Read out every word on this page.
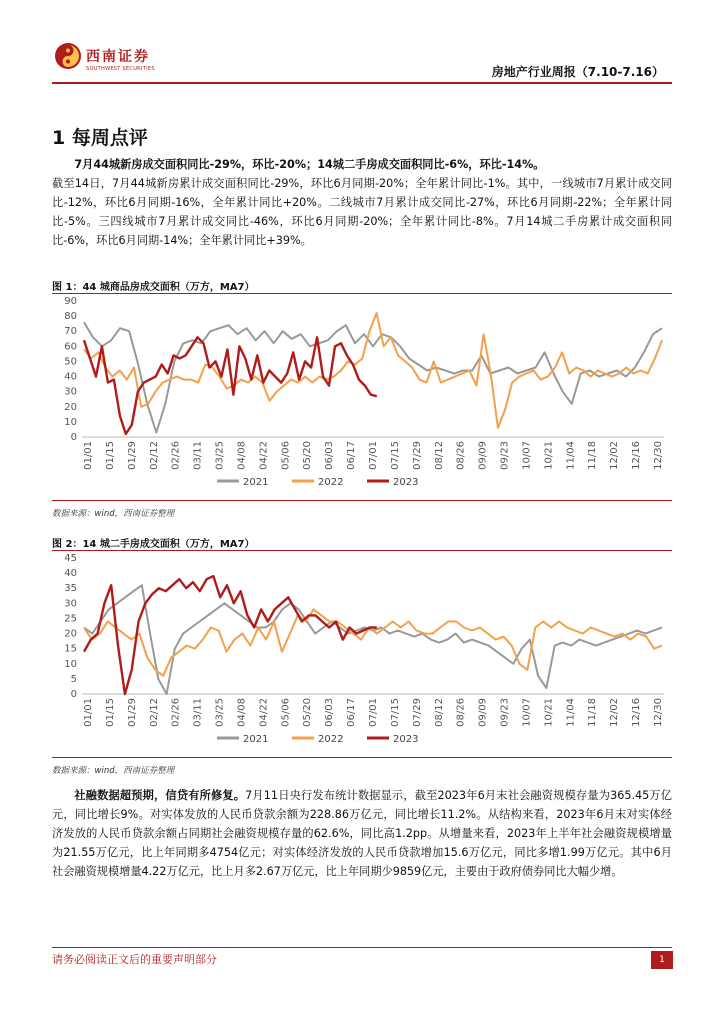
西南证券
SOUTHWEST SECURITIES	房地产行业周报（7.10-7.16）
1 每周点评

7月44城新房成交面积同比-29%，环比-20%；14城二手房成交面积同比-6%，环比-14%。
截至14日，7月44城新房累计成交面积同比-29%，环比6月同期-20%；全年累计同比-1%。其中，一线城市7月累计成交同比-12%，环比6月同期-16%，全年累计同比+20%。二线城市7月累计成交同比-27%，环比6月同期-22%；全年累计同比-5%。三四线城市7月累计成交同比-46%，环比6月同期-20%；全年累计同比-8%。7月14城二手房累计成交面积同比-6%，环比6月同期-14%；全年累计同比+39%。

图 1：44 城商品房成交面积（万方，MA7）
0
10
20
30
40
50
60
70
80
90
01/01 01/15 01/29 02/12 02/26 03/11 03/25 04/08 04/22 05/06 05/20 06/03 06/17 07/01 07/15 07/29 08/12 08/26 09/09 09/23 10/07 10/21 11/04 11/18 12/02 12/16 12/30
2021	2022	2023
数据来源：wind，西南证券整理
图 2：14 城二手房成交面积（万方，MA7）
0
5
10
15
20
25
30
35
40
45
01/01 01/15 01/29 02/12 02/26 03/11 03/25 04/08 04/22 05/06 05/20 06/03 06/17 07/01 07/15 07/29 08/12 08/26 09/09 09/23 10/07 10/21 11/04 11/18 12/02 12/16 12/30
2021	2022	2023
数据来源：wind，西南证券整理

社融数据超预期，信贷有所修复。7月11日央行发布统计数据显示，截至2023年6月末社会融资规模存量为365.45万亿元，同比增长9%。对实体发放的人民币贷款余额为228.86万亿元，同比增长11.2%。从结构来看，2023年6月末对实体经济发放的人民币贷款余额占同期社会融资规模存量的62.6%，同比高1.2pp。从增量来看，2023年上半年社会融资规模增量为21.55万亿元，比上年同期多4754亿元；对实体经济发放的人民币贷款增加15.6万亿元，同比多增1.99万亿元。其中6月社会融资规模增量4.22万亿元，比上月多2.67万亿元，比上年同期少9859亿元，主要由于政府债券同比大幅少增。

请务必阅读正文后的重要声明部分	1
